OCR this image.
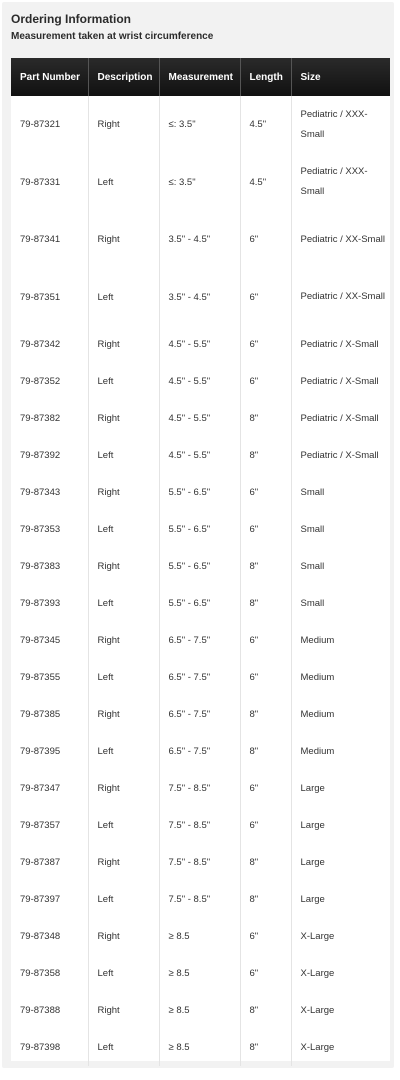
Ordering Information
Measurement taken at wrist circumference
Part Number	Description	Measurement	Length	Size
79-87321	Right	≤: 3.5"	4.5"	Pediatric / XXX-Small
79-87331	Left	≤: 3.5"	4.5"	Pediatric / XXX-Small
79-87341	Right	3.5" - 4.5"	6"	Pediatric / XX-Small
79-87351	Left	3.5" - 4.5"	6"	Pediatric / XX-Small
79-87342	Right	4.5" - 5.5"	6"	Pediatric / X-Small
79-87352	Left	4.5" - 5.5"	6"	Pediatric / X-Small
79-87382	Right	4.5" - 5.5"	8"	Pediatric / X-Small
79-87392	Left	4.5" - 5.5"	8"	Pediatric / X-Small
79-87343	Right	5.5" - 6.5"	6"	Small
79-87353	Left	5.5" - 6.5"	6"	Small
79-87383	Right	5.5" - 6.5"	8"	Small
79-87393	Left	5.5" - 6.5"	8"	Small
79-87345	Right	6.5" - 7.5"	6"	Medium
79-87355	Left	6.5" - 7.5"	6"	Medium
79-87385	Right	6.5" - 7.5"	8"	Medium
79-87395	Left	6.5" - 7.5"	8"	Medium
79-87347	Right	7.5" - 8.5"	6"	Large
79-87357	Left	7.5" - 8.5"	6"	Large
79-87387	Right	7.5" - 8.5"	8"	Large
79-87397	Left	7.5" - 8.5"	8"	Large
79-87348	Right	≥ 8.5	6"	X-Large
79-87358	Left	≥ 8.5	6"	X-Large
79-87388	Right	≥ 8.5	8"	X-Large
79-87398	Left	≥ 8.5	8"	X-Large
